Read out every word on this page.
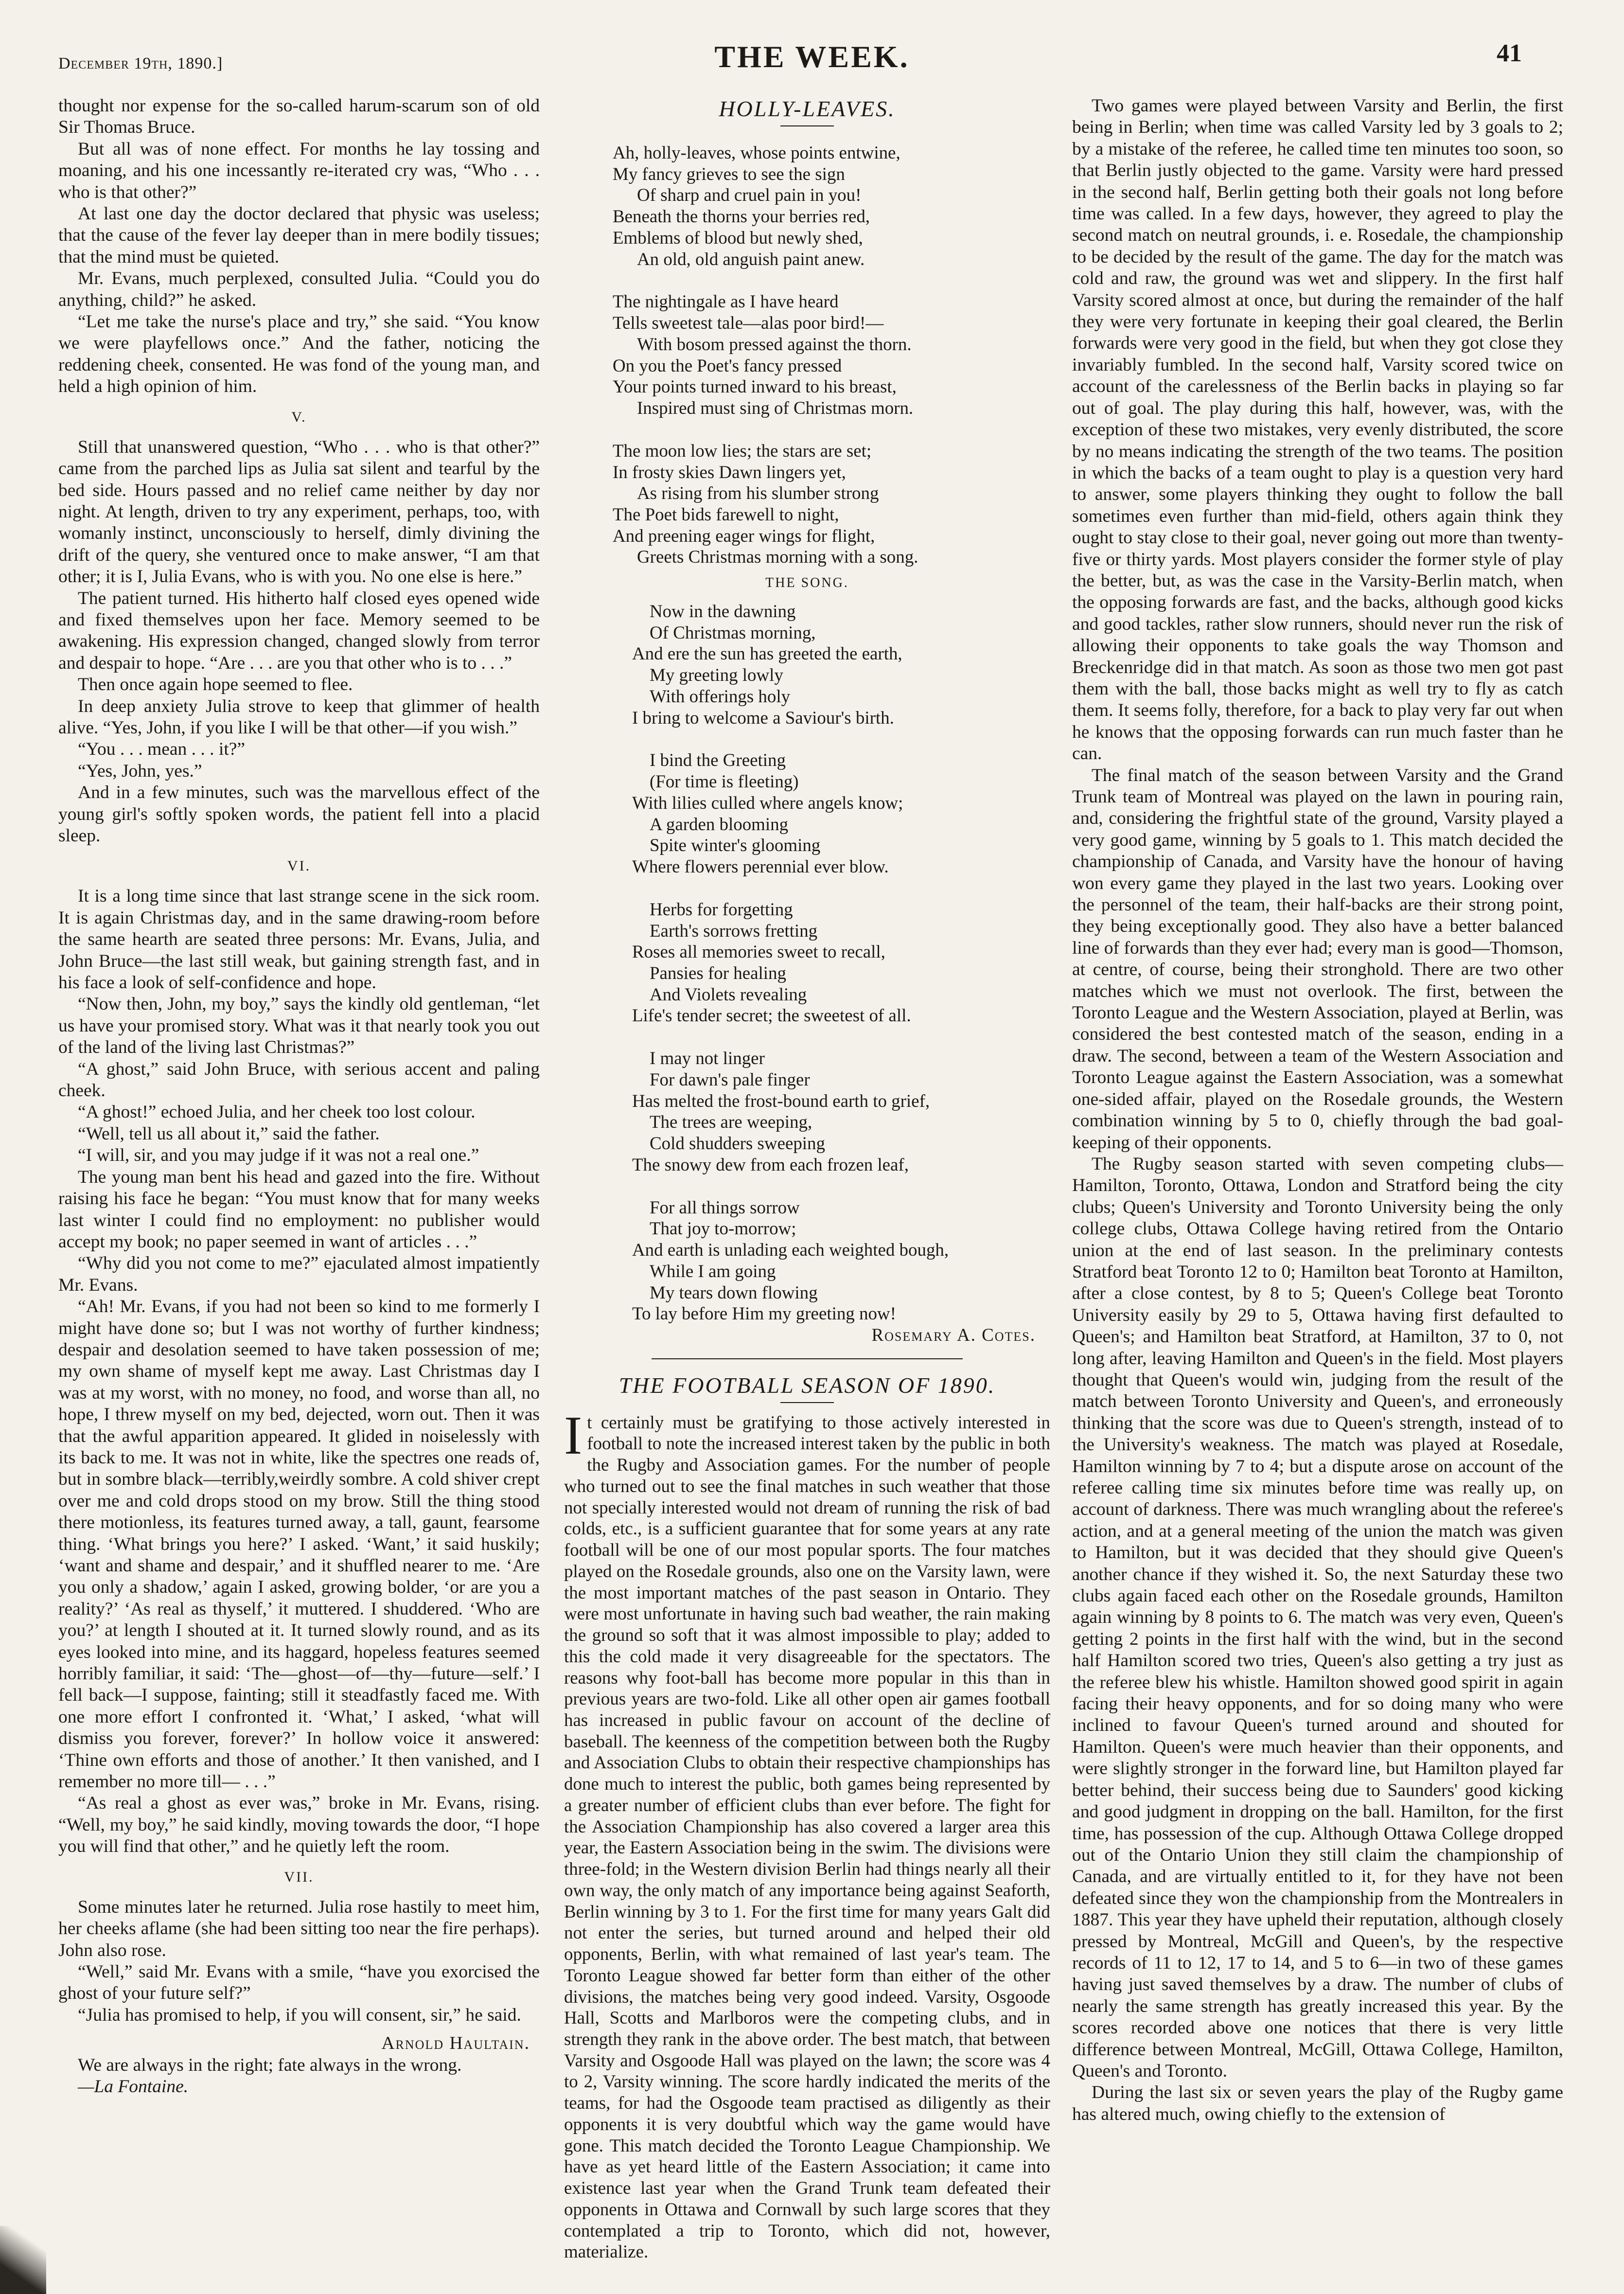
December 19th, 1890.]	THE WEEK.	41

thought nor expense for the so-called harum-scarum son of old Sir Thomas Bruce.

But all was of none effect. For months he lay tossing and moaning, and his one incessantly re-iterated cry was, “Who . . . who is that other?”

At last one day the doctor declared that physic was useless; that the cause of the fever lay deeper than in mere bodily tissues; that the mind must be quieted.

Mr. Evans, much perplexed, consulted Julia. “Could you do anything, child?” he asked.

“Let me take the nurse's place and try,” she said. “You know we were playfellows once.” And the father, noticing the reddening cheek, consented. He was fond of the young man, and held a high opinion of him.

V.

Still that unanswered question, “Who . . . who is that other?” came from the parched lips as Julia sat silent and tearful by the bed side. Hours passed and no relief came neither by day nor night. At length, driven to try any experiment, perhaps, too, with womanly instinct, unconsciously to herself, dimly divining the drift of the query, she ventured once to make answer, “I am that other; it is I, Julia Evans, who is with you. No one else is here.”

The patient turned. His hitherto half closed eyes opened wide and fixed themselves upon her face. Memory seemed to be awakening. His expression changed, changed slowly from terror and despair to hope. “Are . . . are you that other who is to . . .”

Then once again hope seemed to flee.

In deep anxiety Julia strove to keep that glimmer of health alive. “Yes, John, if you like I will be that other—if you wish.”

“You . . . mean . . . it?”

“Yes, John, yes.”

And in a few minutes, such was the marvellous effect of the young girl's softly spoken words, the patient fell into a placid sleep.

VI.

It is a long time since that last strange scene in the sick room. It is again Christmas day, and in the same drawing-room before the same hearth are seated three persons: Mr. Evans, Julia, and John Bruce—the last still weak, but gaining strength fast, and in his face a look of self-confidence and hope.

“Now then, John, my boy,” says the kindly old gentleman, “let us have your promised story. What was it that nearly took you out of the land of the living last Christmas?”

“A ghost,” said John Bruce, with serious accent and paling cheek.

“A ghost!” echoed Julia, and her cheek too lost colour.

“Well, tell us all about it,” said the father.

“I will, sir, and you may judge if it was not a real one.”

The young man bent his head and gazed into the fire. Without raising his face he began: “You must know that for many weeks last winter I could find no employment: no publisher would accept my book; no paper seemed in want of articles . . .”

“Why did you not come to me?” ejaculated almost impatiently Mr. Evans.

“Ah! Mr. Evans, if you had not been so kind to me formerly I might have done so; but I was not worthy of further kindness; despair and desolation seemed to have taken possession of me; my own shame of myself kept me away. Last Christmas day I was at my worst, with no money, no food, and worse than all, no hope, I threw myself on my bed, dejected, worn out. Then it was that the awful apparition appeared. It glided in noiselessly with its back to me. It was not in white, like the spectres one reads of, but in sombre black—terribly,weirdly sombre. A cold shiver crept over me and cold drops stood on my brow. Still the thing stood there motionless, its features turned away, a tall, gaunt, fearsome thing. ‘What brings you here?’ I asked. ‘Want,’ it said huskily; ‘want and shame and despair,’ and it shuffled nearer to me. ‘Are you only a shadow,’ again I asked, growing bolder, ‘or are you a reality?’ ‘As real as thyself,’ it muttered. I shuddered. ‘Who are you?’ at length I shouted at it. It turned slowly round, and as its eyes looked into mine, and its haggard, hopeless features seemed horribly familiar, it said: ‘The—ghost—of—thy—future—self.’ I fell back—I suppose, fainting; still it steadfastly faced me. With one more effort I confronted it. ‘What,’ I asked, ‘what will dismiss you forever, forever?’ In hollow voice it answered: ‘Thine own efforts and those of another.’ It then vanished, and I remember no more till— . . .”

“As real a ghost as ever was,” broke in Mr. Evans, rising. “Well, my boy,” he said kindly, moving towards the door, “I hope you will find that other,” and he quietly left the room.

VII.

Some minutes later he returned. Julia rose hastily to meet him, her cheeks aflame (she had been sitting too near the fire perhaps). John also rose.

“Well,” said Mr. Evans with a smile, “have you exorcised the ghost of your future self?”

“Julia has promised to help, if you will consent, sir,” he said.

Arnold Haultain.

We are always in the right; fate always in the wrong.
—La Fontaine.

HOLLY-LEAVES.
Ah, holly-leaves, whose points entwine,
My fancy grieves to see the sign
Of sharp and cruel pain in you!
Beneath the thorns your berries red,
Emblems of blood but newly shed,
An old, old anguish paint anew.
The nightingale as I have heard
Tells sweetest tale—alas poor bird!—
With bosom pressed against the thorn.
On you the Poet's fancy pressed
Your points turned inward to his breast,
Inspired must sing of Christmas morn.
The moon low lies; the stars are set;
In frosty skies Dawn lingers yet,
As rising from his slumber strong
The Poet bids farewell to night,
And preening eager wings for flight,
Greets Christmas morning with a song.
THE SONG.
Now in the dawning
Of Christmas morning,
And ere the sun has greeted the earth,
My greeting lowly
With offerings holy
I bring to welcome a Saviour's birth.
I bind the Greeting
(For time is fleeting)
With lilies culled where angels know;
A garden blooming
Spite winter's glooming
Where flowers perennial ever blow.
Herbs for forgetting
Earth's sorrows fretting
Roses all memories sweet to recall,
Pansies for healing
And Violets revealing
Life's tender secret; the sweetest of all.
I may not linger
For dawn's pale finger
Has melted the frost-bound earth to grief,
The trees are weeping,
Cold shudders sweeping
The snowy dew from each frozen leaf,
For all things sorrow
That joy to-morrow;
And earth is unlading each weighted bough,
While I am going
My tears down flowing
To lay before Him my greeting now!
Rosemary A. Cotes.
THE FOOTBALL SEASON OF 1890.

It certainly must be gratifying to those actively interested in football to note the increased interest taken by the public in both the Rugby and Association games. For the number of people who turned out to see the final matches in such weather that those not specially interested would not dream of running the risk of bad colds, etc., is a sufficient guarantee that for some years at any rate football will be one of our most popular sports. The four matches played on the Rosedale grounds, also one on the Varsity lawn, were the most important matches of the past season in Ontario. They were most unfortunate in having such bad weather, the rain making the ground so soft that it was almost impossible to play; added to this the cold made it very disagreeable for the spectators. The reasons why foot-ball has become more popular in this than in previous years are two-fold. Like all other open air games football has increased in public favour on account of the decline of baseball. The keenness of the competition between both the Rugby and Association Clubs to obtain their respective championships has done much to interest the public, both games being represented by a greater number of efficient clubs than ever before. The fight for the Association Championship has also covered a larger area this year, the Eastern Association being in the swim. The divisions were three-fold; in the Western division Berlin had things nearly all their own way, the only match of any importance being against Seaforth, Berlin winning by 3 to 1. For the first time for many years Galt did not enter the series, but turned around and helped their old opponents, Berlin, with what remained of last year's team. The Toronto League showed far better form than either of the other divisions, the matches being very good indeed. Varsity, Osgoode Hall, Scotts and Marlboros were the competing clubs, and in strength they rank in the above order. The best match, that between Varsity and Osgoode Hall was played on the lawn; the score was 4 to 2, Varsity winning. The score hardly indicated the merits of the teams, for had the Osgoode team practised as diligently as their opponents it is very doubtful which way the game would have gone. This match decided the Toronto League Championship. We have as yet heard little of the Eastern Association; it came into existence last year when the Grand Trunk team defeated their opponents in Ottawa and Cornwall by such large scores that they contemplated a trip to Toronto, which did not, however, materialize.

Two games were played between Varsity and Berlin, the first being in Berlin; when time was called Varsity led by 3 goals to 2; by a mistake of the referee, he called time ten minutes too soon, so that Berlin justly objected to the game. Varsity were hard pressed in the second half, Berlin getting both their goals not long before time was called. In a few days, however, they agreed to play the second match on neutral grounds, i. e. Rosedale, the championship to be decided by the result of the game. The day for the match was cold and raw, the ground was wet and slippery. In the first half Varsity scored almost at once, but during the remainder of the half they were very fortunate in keeping their goal cleared, the Berlin forwards were very good in the field, but when they got close they invariably fumbled. In the second half, Varsity scored twice on account of the carelessness of the Berlin backs in playing so far out of goal. The play during this half, however, was, with the exception of these two mistakes, very evenly distributed, the score by no means indicating the strength of the two teams. The position in which the backs of a team ought to play is a question very hard to answer, some players thinking they ought to follow the ball sometimes even further than mid-field, others again think they ought to stay close to their goal, never going out more than twenty-five or thirty yards. Most players consider the former style of play the better, but, as was the case in the Varsity-Berlin match, when the opposing forwards are fast, and the backs, although good kicks and good tackles, rather slow runners, should never run the risk of allowing their opponents to take goals the way Thomson and Breckenridge did in that match. As soon as those two men got past them with the ball, those backs might as well try to fly as catch them. It seems folly, therefore, for a back to play very far out when he knows that the opposing forwards can run much faster than he can.

The final match of the season between Varsity and the Grand Trunk team of Montreal was played on the lawn in pouring rain, and, considering the frightful state of the ground, Varsity played a very good game, winning by 5 goals to 1. This match decided the championship of Canada, and Varsity have the honour of having won every game they played in the last two years. Looking over the personnel of the team, their half-backs are their strong point, they being exceptionally good. They also have a better balanced line of forwards than they ever had; every man is good—Thomson, at centre, of course, being their stronghold. There are two other matches which we must not overlook. The first, between the Toronto League and the Western Association, played at Berlin, was considered the best contested match of the season, ending in a draw. The second, between a team of the Western Association and Toronto League against the Eastern Association, was a somewhat one-sided affair, played on the Rosedale grounds, the Western combination winning by 5 to 0, chiefly through the bad goal-keeping of their opponents.

The Rugby season started with seven competing clubs—Hamilton, Toronto, Ottawa, London and Stratford being the city clubs; Queen's University and Toronto University being the only college clubs, Ottawa College having retired from the Ontario union at the end of last season. In the preliminary contests Stratford beat Toronto 12 to 0; Hamilton beat Toronto at Hamilton, after a close contest, by 8 to 5; Queen's College beat Toronto University easily by 29 to 5, Ottawa having first defaulted to Queen's; and Hamilton beat Stratford, at Hamilton, 37 to 0, not long after, leaving Hamilton and Queen's in the field. Most players thought that Queen's would win, judging from the result of the match between Toronto University and Queen's, and erroneously thinking that the score was due to Queen's strength, instead of to the University's weakness. The match was played at Rosedale, Hamilton winning by 7 to 4; but a dispute arose on account of the referee calling time six minutes before time was really up, on account of darkness. There was much wrangling about the referee's action, and at a general meeting of the union the match was given to Hamilton, but it was decided that they should give Queen's another chance if they wished it. So, the next Saturday these two clubs again faced each other on the Rosedale grounds, Hamilton again winning by 8 points to 6. The match was very even, Queen's getting 2 points in the first half with the wind, but in the second half Hamilton scored two tries, Queen's also getting a try just as the referee blew his whistle. Hamilton showed good spirit in again facing their heavy opponents, and for so doing many who were inclined to favour Queen's turned around and shouted for Hamilton. Queen's were much heavier than their opponents, and were slightly stronger in the forward line, but Hamilton played far better behind, their success being due to Saunders' good kicking and good judgment in dropping on the ball. Hamilton, for the first time, has possession of the cup. Although Ottawa College dropped out of the Ontario Union they still claim the championship of Canada, and are virtually entitled to it, for they have not been defeated since they won the championship from the Montrealers in 1887. This year they have upheld their reputation, although closely pressed by Montreal, McGill and Queen's, by the respective records of 11 to 12, 17 to 14, and 5 to 6—in two of these games having just saved themselves by a draw. The number of clubs of nearly the same strength has greatly increased this year. By the scores recorded above one notices that there is very little difference between Montreal, McGill, Ottawa College, Hamilton, Queen's and Toronto.

During the last six or seven years the play of the Rugby game has altered much, owing chiefly to the extension of
